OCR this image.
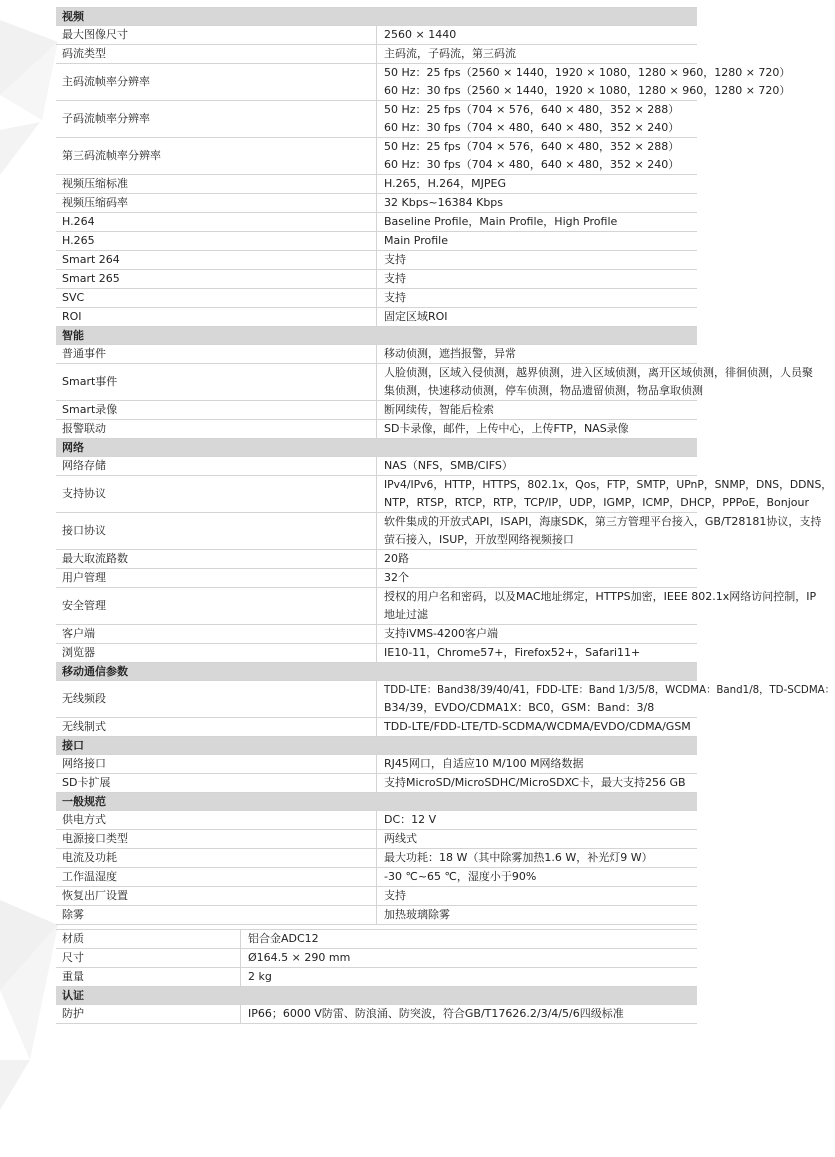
视频	
最大图像尺寸	2560 × 1440

码流类型	主码流，子码流，第三码流

主码流帧率分辨率	50 Hz：25 fps（2560 × 1440，1920 × 1080，1280 × 960，1280 × 720）
60 Hz：30 fps（2560 × 1440，1920 × 1080，1280 × 960，1280 × 720）

子码流帧率分辨率	50 Hz：25 fps（704 × 576，640 × 480，352 × 288）
60 Hz：30 fps（704 × 480，640 × 480，352 × 240）

第三码流帧率分辨率	50 Hz：25 fps（704 × 576，640 × 480，352 × 288）
60 Hz：30 fps（704 × 480，640 × 480，352 × 240）

视频压缩标准	H.265，H.264，MJPEG

视频压缩码率	32 Kbps~16384 Kbps

H.264	Baseline Profile，Main Profile，High Profile

H.265	Main Profile

Smart 264	支持

Smart 265	支持

SVC	支持

ROI	固定区域ROI

智能	
普通事件	移动侦测，遮挡报警，异常

Smart事件	人脸侦测，区域入侵侦测，越界侦测，进入区域侦测，离开区域侦测，徘徊侦测，人员聚
集侦测，快速移动侦测，停车侦测，物品遗留侦测，物品拿取侦测

Smart录像	断网续传，智能后检索

报警联动	SD卡录像，邮件，上传中心，上传FTP，NAS录像

网络	
网络存储	NAS（NFS，SMB/CIFS）

支持协议	IPv4/IPv6，HTTP，HTTPS，802.1x，Qos，FTP，SMTP，UPnP，SNMP，DNS，DDNS，
NTP，RTSP，RTCP，RTP，TCP/IP，UDP，IGMP，ICMP，DHCP，PPPoE，Bonjour

接口协议	软件集成的开放式API，ISAPI，海康SDK，第三方管理平台接入，GB/T28181协议，支持
萤石接入，ISUP，开放型网络视频接口

最大取流路数	20路

用户管理	32个

安全管理	授权的用户名和密码，以及MAC地址绑定，HTTPS加密，IEEE 802.1x网络访问控制，IP
地址过滤

客户端	支持iVMS-4200客户端

浏览器	IE10-11，Chrome57+，Firefox52+，Safari11+

移动通信参数	
无线频段	TDD-LTE：Band38/39/40/41，FDD-LTE：Band 1/3/5/8，WCDMA：Band1/8，TD-SCDMA：
B34/39，EVDO/CDMA1X：BC0，GSM：Band：3/8

无线制式	TDD-LTE/FDD-LTE/TD-SCDMA/WCDMA/EVDO/CDMA/GSM

接口	
网络接口	RJ45网口，自适应10 M/100 M网络数据

SD卡扩展	支持MicroSD/MicroSDHC/MicroSDXC卡，最大支持256 GB

一般规范	
供电方式	DC：12 V

电源接口类型	两线式

电流及功耗	最大功耗：18 W（其中除雾加热1.6 W，补光灯9 W）

工作温湿度	-30 ℃~65 ℃，湿度小于90%

恢复出厂设置	支持

除雾	加热玻璃除雾
材质	铝合金ADC12

尺寸	Ø164.5 × 290 mm

重量	2 kg

认证	
防护	IP66；6000 V防雷、防浪涌、防突波，符合GB/T17626.2/3/4/5/6四级标准
